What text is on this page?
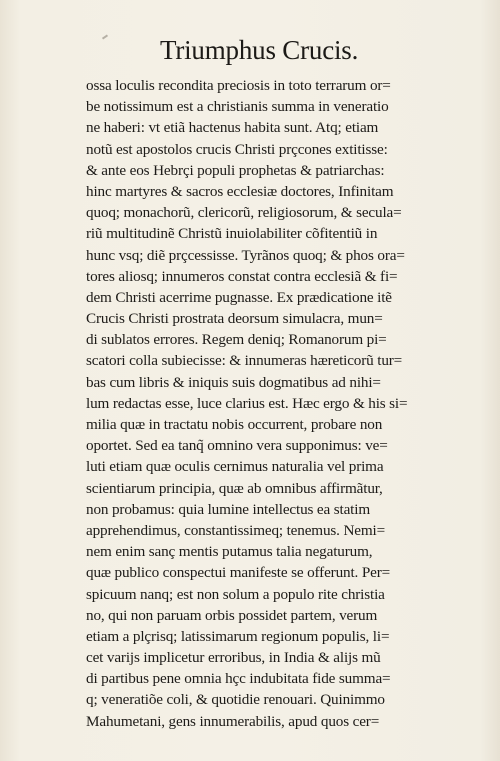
Triumphus Crucis.
ossa loculis recondita preciosis in toto terrarum or=
be notissimum est a christianis summa in veneratio
ne haberi: vt etiã hactenus habita sunt. Atq; etiam
notũ est apostolos crucis Christi prçcones extitisse:
& ante eos Hebrçi populi prophetas & patriarchas:
hinc martyres & sacros ecclesiæ doctores, Infinitam
quoq; monachorũ, clericorũ, religiosorum, & secula=
riũ multitudinẽ Christũ inuiolabiliter cõfitentiũ in
hunc vsq; diẽ prçcessisse. Tyrãnos quoq; & phos ora=
tores aliosq; innumeros constat contra ecclesiã & fi=
dem Christi acerrime pugnasse. Ex prædicatione itẽ
Crucis Christi prostrata deorsum simulacra, mun=
di sublatos errores. Regem deniq; Romanorum pi=
scatori colla subiecisse: & innumeras hæreticorũ tur=
bas cum libris & iniquis suis dogmatibus ad nihi=
lum redactas esse, luce clarius est. Hæc ergo & his si=
milia quæ in tractatu nobis occurrent, probare non
oportet. Sed ea tanq̃ omnino vera supponimus: ve=
luti etiam quæ oculis cernimus naturalia vel prima
scientiarum principia, quæ ab omnibus affirmãtur,
non probamus: quia lumine intellectus ea statim
apprehendimus, constantissimeq; tenemus. Nemi=
nem enim sanç mentis putamus talia negaturum,
quæ publico conspectui manifeste se offerunt. Per=
spicuum nanq; est non solum a populo rite christia
no, qui non paruam orbis possidet partem, verum
etiam a plçrisq; latissimarum regionum populis, li=
cet varijs implicetur erroribus, in India & alijs mũ
di partibus pene omnia hçc indubitata fide summa=
q; veneratiõe coli, & quotidie renouari. Quinimmo
Mahumetani, gens innumerabilis, apud quos cer=
